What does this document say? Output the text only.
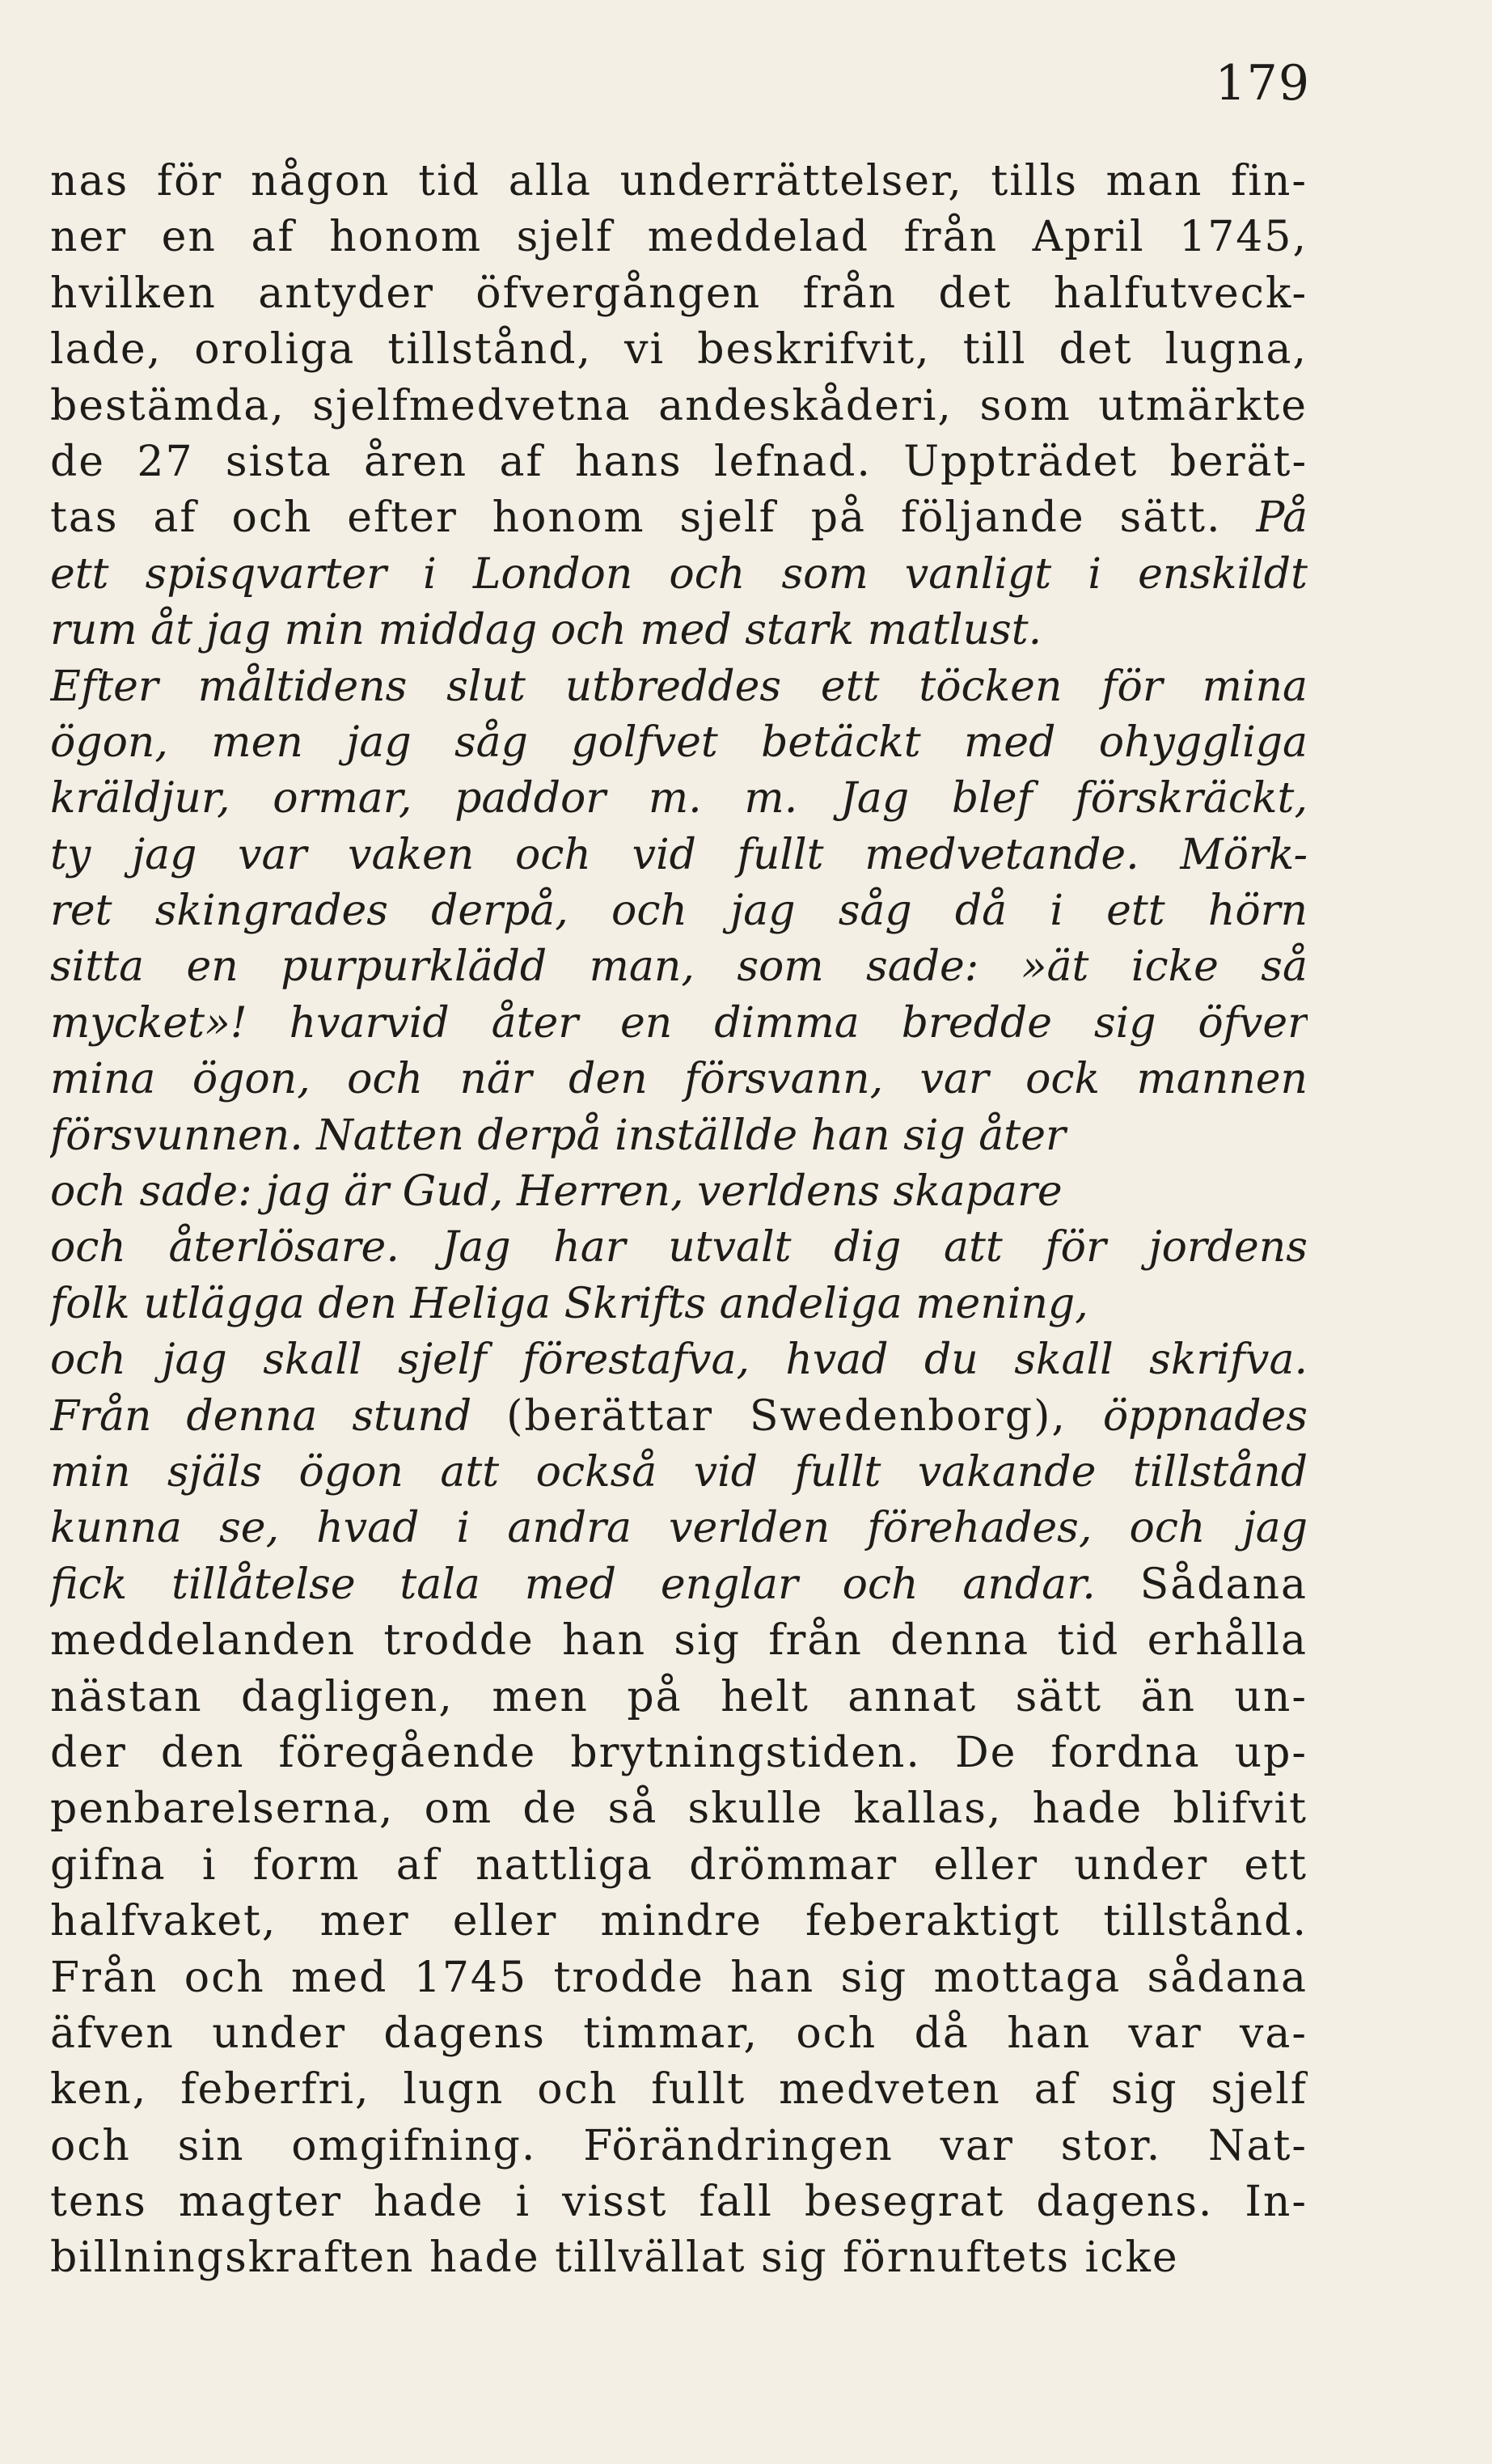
179
nas för någon tid alla underrättelser, tills man fin-
ner en af honom sjelf meddelad från April 1745,
hvilken antyder öfvergången från det halfutveck-
lade, oroliga tillstånd, vi beskrifvit, till det lugna,
bestämda, sjelfmedvetna andeskåderi, som utmärkte
de 27 sista åren af hans lefnad. Uppträdet berät-
tas af och efter honom sjelf på följande sätt. På
ett spisqvarter i London och som vanligt i enskildt
rum åt jag min middag och med stark matlust.
Efter måltidens slut utbreddes ett töcken för mina
ögon, men jag såg golfvet betäckt med ohyggliga
kräldjur, ormar, paddor m. m. Jag blef förskräckt,
ty jag var vaken och vid fullt medvetande. Mörk-
ret skingrades derpå, och jag såg då i ett hörn
sitta en purpurklädd man, som sade: »ät icke så
mycket»! hvarvid åter en dimma bredde sig öfver
mina ögon, och när den försvann, var ock mannen
försvunnen. Natten derpå inställde han sig åter
och sade: jag är Gud, Herren, verldens skapare
och återlösare. Jag har utvalt dig att för jordens
folk utlägga den Heliga Skrifts andeliga mening,
och jag skall sjelf förestafva, hvad du skall skrifva.
Från denna stund (berättar Swedenborg), öppnades
min själs ögon att också vid fullt vakande tillstånd
kunna se, hvad i andra verlden förehades, och jag
fick tillåtelse tala med englar och andar. Sådana
meddelanden trodde han sig från denna tid erhålla
nästan dagligen, men på helt annat sätt än un-
der den föregående brytningstiden. De fordna up-
penbarelserna, om de så skulle kallas, hade blifvit
gifna i form af nattliga drömmar eller under ett
halfvaket, mer eller mindre feberaktigt tillstånd.
Från och med 1745 trodde han sig mottaga sådana
äfven under dagens timmar, och då han var va-
ken, feberfri, lugn och fullt medveten af sig sjelf
och sin omgifning. Förändringen var stor. Nat-
tens magter hade i visst fall besegrat dagens. In-
billningskraften hade tillvällat sig förnuftets icke
